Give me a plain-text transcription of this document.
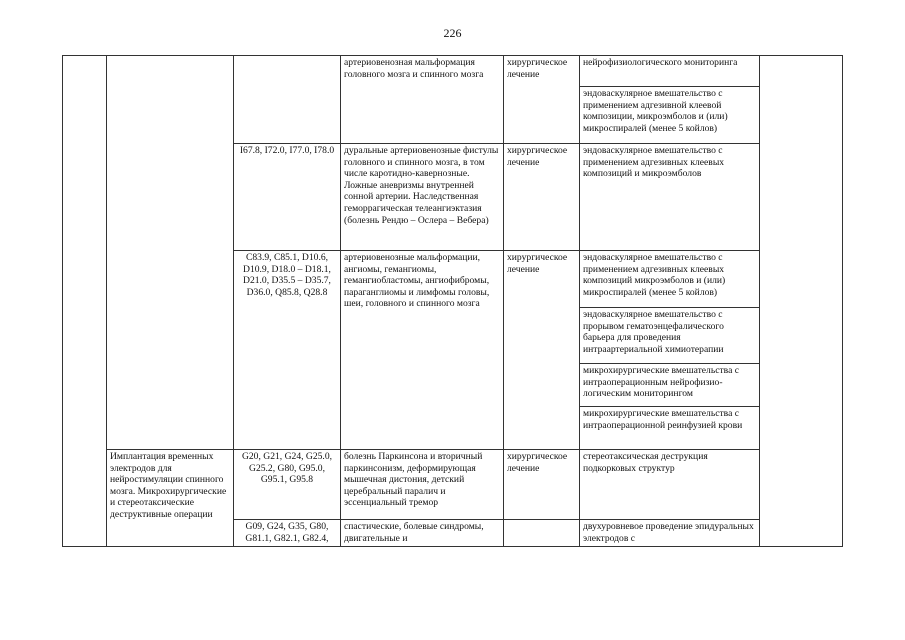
226
артериовенозная мальформация головного мозга и спинного мозга
хирургическое лечение
нейрофизиологического мониторинга
эндоваскулярное вмешательство с применением адгезивной клеевой композиции, микроэмболов и (или) микроспиралей (менее 5 койлов)
I67.8, I72.0, I77.0, I78.0 дуральные артериовенозные фистулы головного и спинного мозга, в том числе каротидно-кавернозные. Ложные аневризмы внутренней сонной артерии. Наследственная геморрагическая телеангиэктазия (болезнь Рендю – Ослера – Вебера)
хирургическое лечение
эндоваскулярное вмешательство с применением адгезивных клеевых композиций и микроэмболов
C83.9, C85.1, D10.6, D10.9, D18.0 – D18.1, D21.0, D35.5 – D35.7, D36.0, Q85.8, Q28.8
артериовенозные мальформации, ангиомы, гемангиомы, гемангиобластомы, ангиофибромы, параганглиомы и лимфомы головы, шеи, головного и спинного мозга
хирургическое лечение
эндоваскулярное вмешательство с применением адгезивных клеевых композиций микроэмболов и (или) микроспиралей (менее 5 койлов)
эндоваскулярное вмешательство с прорывом гематоэнцефалического барьера для проведения интраартериальной химиотерапии
микрохирургические вмешательства с интраоперационным нейрофизио-логическим мониторингом
микрохирургические вмешательства с интраоперационной реинфузией крови
Имплантация временных электродов для нейростимуляции спинного мозга. Микрохирургические и стереотаксические деструктивные операции
G20, G21, G24, G25.0, G25.2, G80, G95.0, G95.1, G95.8
болезнь Паркинсона и вторичный паркинсонизм, деформирующая мышечная дистония, детский церебральный паралич и эссенциальный тремор
хирургическое лечение
стереотаксическая деструкция подкорковых структур
G09, G24, G35, G80, G81.1, G82.1, G82.4,
спастические, болевые синдромы, двигательные и
двухуровневое проведение эпидуральных электродов с
